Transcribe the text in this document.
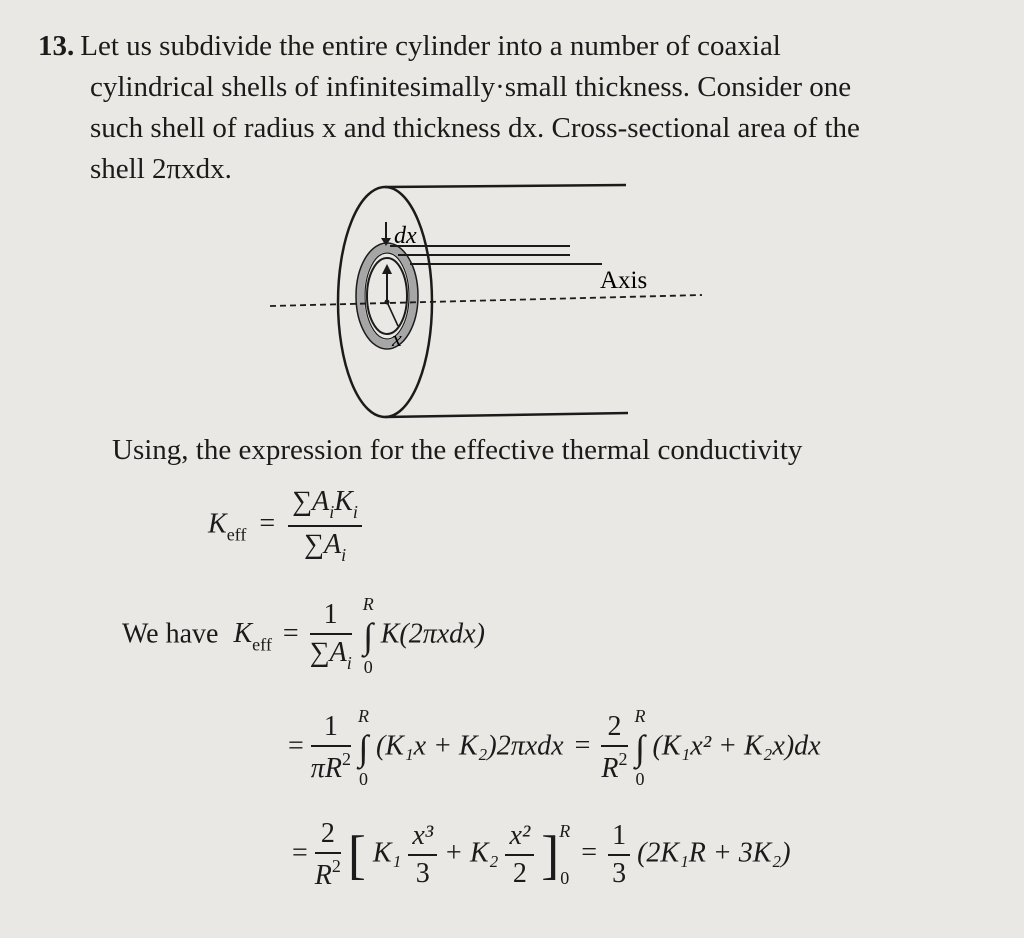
13. Let us subdivide the entire cylinder into a number of coaxial
cylindrical shells of infinitesimally·small thickness. Consider one
such shell of radius x and thickness dx. Cross-sectional area of the
shell 2πxdx.
dx
x
Axis
Using, the expression for the effective thermal conductivity
$K_{eff} = \frac{\sum A_iK_i}{\sum A_i}$
We have $K_{eff} = \frac{1}{\sum A_i}$
R
∫
0
K(2πxdx)
= $\frac{1}{\pi R^2}$
R
∫
0
$(K_1x + K_2)2\pi xdx = \frac{2}{R^2}$
R
∫
0
(K₁x² + K₂x)dx
= $\frac{2}{R^2}$ [ $K_1 \frac{\text{x³}}{3} + K_2 \frac{\text{x²}}{2}$ ] R
0
= $\frac{1}{3} (2K_1R + 3K_2)$
